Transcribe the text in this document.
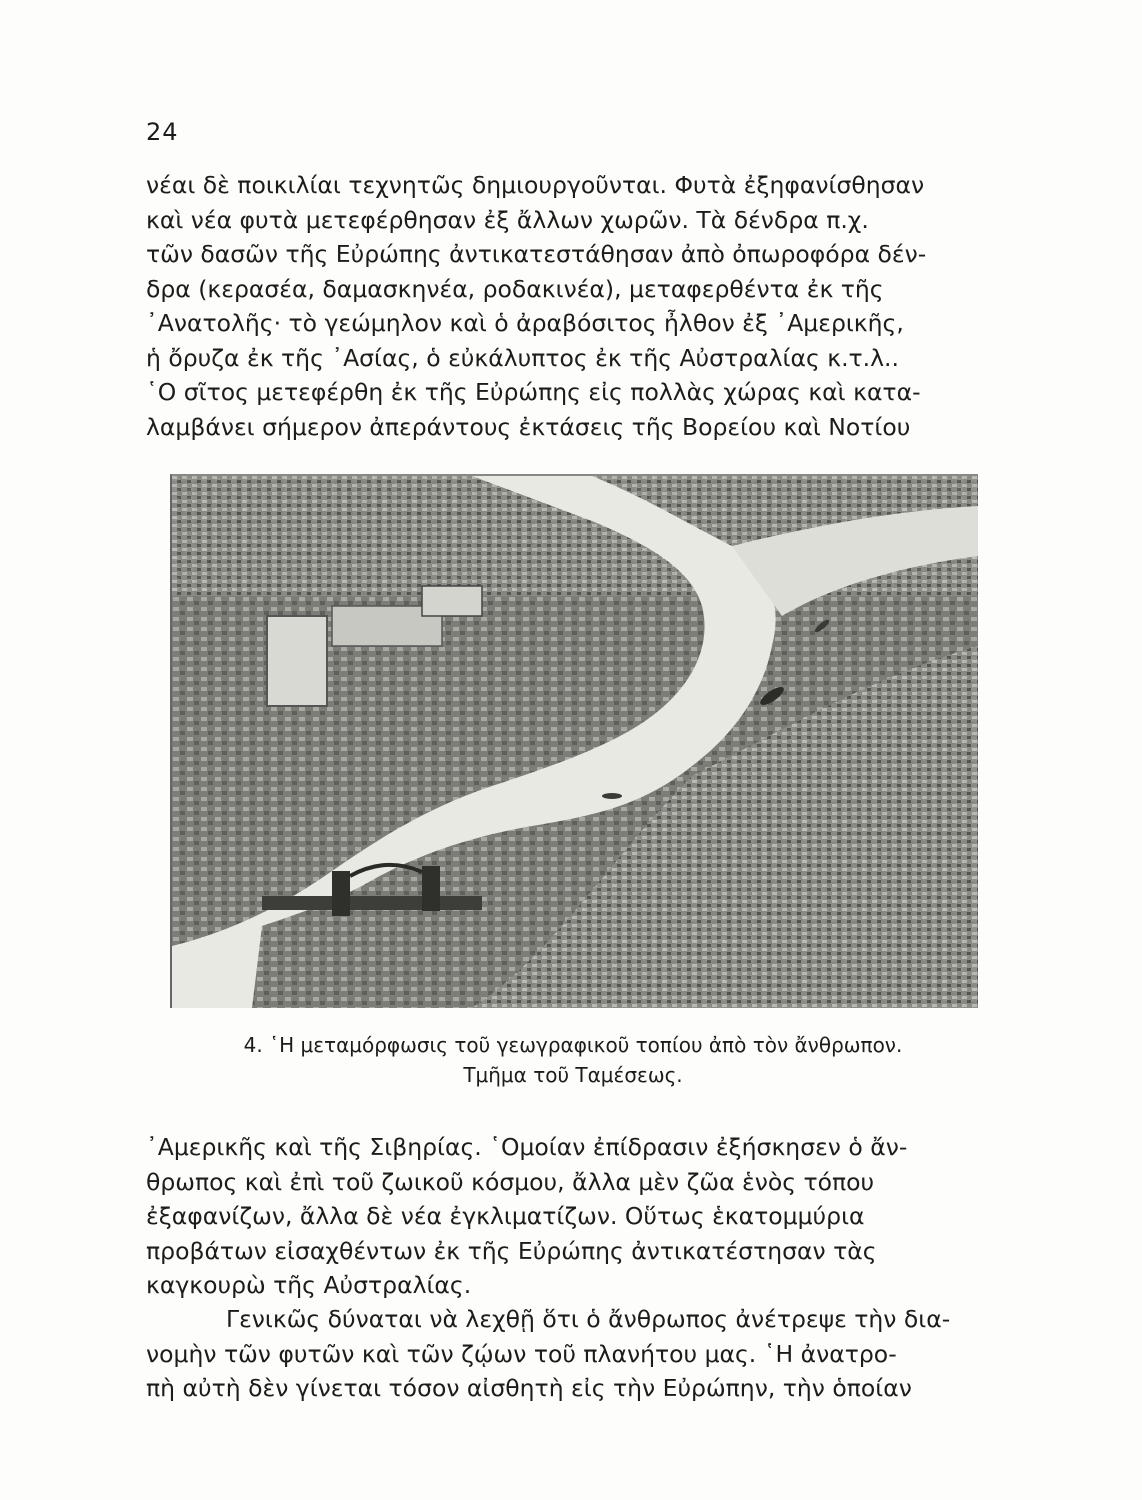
24
νέαι δὲ ποικιλίαι τεχνητῶς δημιουργοῦνται. Φυτὰ ἐξηφανίσθησαν
καὶ νέα φυτὰ μετεφέρθησαν ἐξ ἄλλων χωρῶν. Τὰ δένδρα π.χ.
τῶν δασῶν τῆς Εὐρώπης ἀντικατεστάθησαν ἀπὸ ὀπωροφόρα δέν-
δρα (κερασέα, δαμασκηνέα, ροδακινέα), μεταφερθέντα ἐκ τῆς
᾿Ανατολῆς· τὸ γεώμηλον καὶ ὁ ἀραβόσιτος ἦλθον ἐξ ᾿Αμερικῆς,
ἡ ὄρυζα ἐκ τῆς ᾿Ασίας, ὁ εὐκάλυπτος ἐκ τῆς Αὐστραλίας κ.τ.λ..
῾Ο σῖτος μετεφέρθη ἐκ τῆς Εὐρώπης εἰς πολλὰς χώρας καὶ κατα-
λαμβάνει σήμερον ἀπεράντους ἐκτάσεις τῆς Βορείου καὶ Νοτίου
4. ῾Η μεταμόρφωσις τοῦ γεωγραφικοῦ τοπίου ἀπὸ τὸν ἄνθρωπον.
Τμῆμα τοῦ Ταμέσεως.
᾿Αμερικῆς καὶ τῆς Σιβηρίας. ῾Ομοίαν ἐπίδρασιν ἐξήσκησεν ὁ ἄν-
θρωπος καὶ ἐπὶ τοῦ ζωικοῦ κόσμου, ἄλλα μὲν ζῶα ἑνὸς τόπου
ἐξαφανίζων, ἄλλα δὲ νέα ἐγκλιματίζων. Οὕτως ἑκατομμύρια
προβάτων εἰσαχθέντων ἐκ τῆς Εὐρώπης ἀντικατέστησαν τὰς
καγκουρὼ τῆς Αὐστραλίας.
Γενικῶς δύναται νὰ λεχθῇ ὅτι ὁ ἄνθρωπος ἀνέτρεψε τὴν δια-
νομὴν τῶν φυτῶν καὶ τῶν ζῴων τοῦ πλανήτου μας. ῾Η ἀνατρο-
πὴ αὐτὴ δὲν γίνεται τόσον αἰσθητὴ εἰς τὴν Εὐρώπην, τὴν ὁποίαν
